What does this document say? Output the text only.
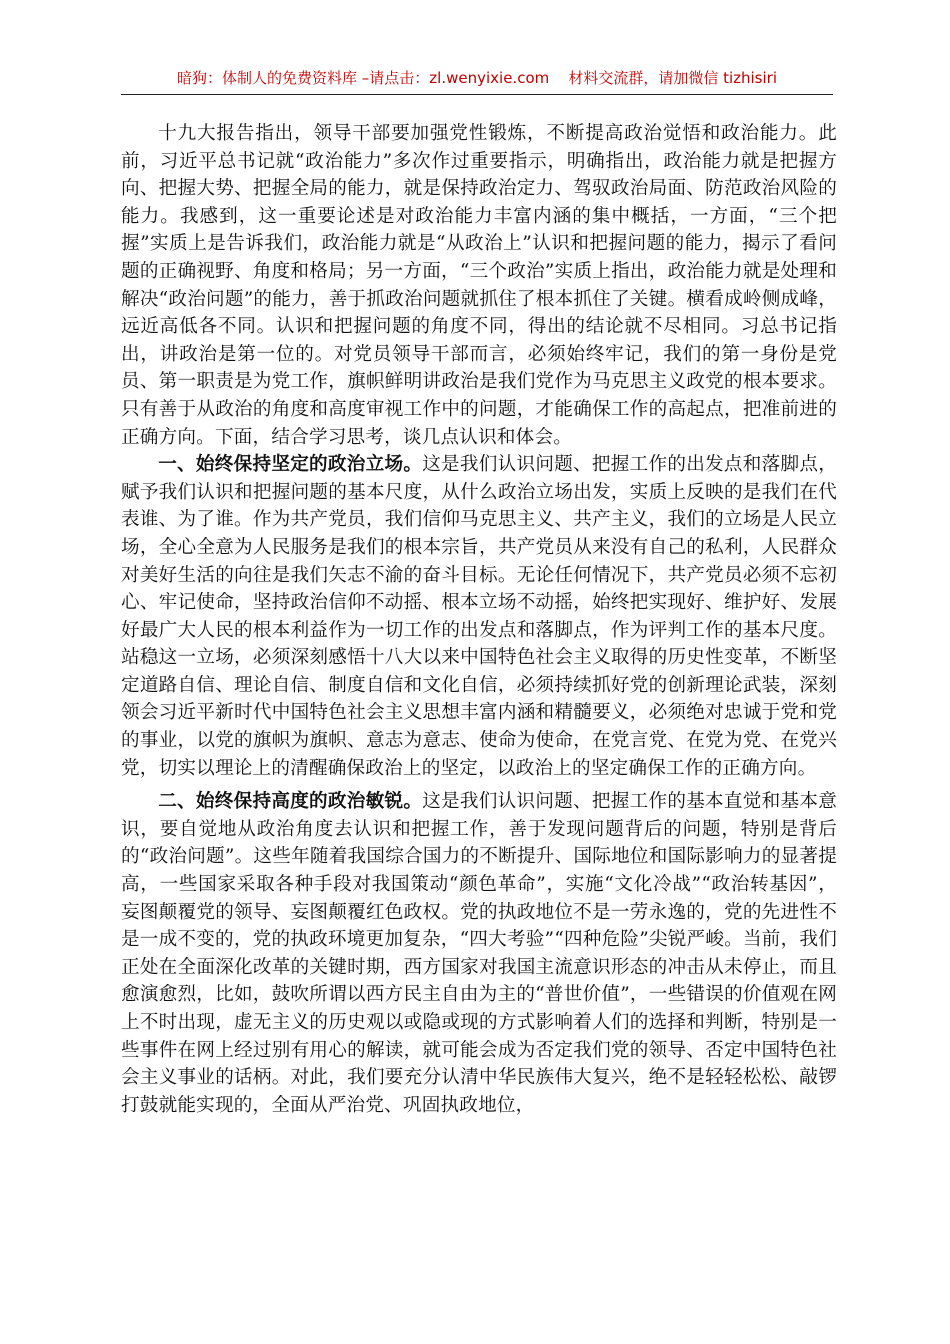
暗狗：体制人的免费资料库 –请点击：zl.wenyixie.com 材料交流群，请加微信 tizhisiri

十九大报告指出，领导干部要加强党性锻炼，不断提高政治觉悟和政治能力。此前，习近平总书记就“政治能力”多次作过重要指示，明确指出，政治能力就是把握方向、把握大势、把握全局的能力，就是保持政治定力、驾驭政治局面、防范政治风险的能力。我感到，这一重要论述是对政治能力丰富内涵的集中概括，一方面，“三个把握”实质上是告诉我们，政治能力就是“从政治上”认识和把握问题的能力，揭示了看问题的正确视野、角度和格局；另一方面，“三个政治”实质上指出，政治能力就是处理和解决“政治问题”的能力，善于抓政治问题就抓住了根本抓住了关键。横看成岭侧成峰，远近高低各不同。认识和把握问题的角度不同，得出的结论就不尽相同。习总书记指出，讲政治是第一位的。对党员领导干部而言，必须始终牢记，我们的第一身份是党员、第一职责是为党工作，旗帜鲜明讲政治是我们党作为马克思主义政党的根本要求。只有善于从政治的角度和高度审视工作中的问题，才能确保工作的高起点，把准前进的正确方向。下面，结合学习思考，谈几点认识和体会。

一、始终保持坚定的政治立场。这是我们认识问题、把握工作的出发点和落脚点，赋予我们认识和把握问题的基本尺度，从什么政治立场出发，实质上反映的是我们在代表谁、为了谁。作为共产党员，我们信仰马克思主义、共产主义，我们的立场是人民立场，全心全意为人民服务是我们的根本宗旨，共产党员从来没有自己的私利，人民群众对美好生活的向往是我们矢志不渝的奋斗目标。无论任何情况下，共产党员必须不忘初心、牢记使命，坚持政治信仰不动摇、根本立场不动摇，始终把实现好、维护好、发展好最广大人民的根本利益作为一切工作的出发点和落脚点，作为评判工作的基本尺度。站稳这一立场，必须深刻感悟十八大以来中国特色社会主义取得的历史性变革，不断坚定道路自信、理论自信、制度自信和文化自信，必须持续抓好党的创新理论武装，深刻领会习近平新时代中国特色社会主义思想丰富内涵和精髓要义，必须绝对忠诚于党和党的事业，以党的旗帜为旗帜、意志为意志、使命为使命，在党言党、在党为党、在党兴党，切实以理论上的清醒确保政治上的坚定，以政治上的坚定确保工作的正确方向。

二、始终保持高度的政治敏锐。这是我们认识问题、把握工作的基本直觉和基本意识，要自觉地从政治角度去认识和把握工作，善于发现问题背后的问题，特别是背后的“政治问题”。这些年随着我国综合国力的不断提升、国际地位和国际影响力的显著提高，一些国家采取各种手段对我国策动“颜色革命”，实施“文化冷战”“政治转基因”，妄图颠覆党的领导、妄图颠覆红色政权。党的执政地位不是一劳永逸的，党的先进性不是一成不变的，党的执政环境更加复杂，“四大考验”“四种危险”尖锐严峻。当前，我们正处在全面深化改革的关键时期，西方国家对我国主流意识形态的冲击从未停止，而且愈演愈烈，比如，鼓吹所谓以西方民主自由为主的“普世价值”，一些错误的价值观在网上不时出现，虚无主义的历史观以或隐或现的方式影响着人们的选择和判断，特别是一些事件在网上经过别有用心的解读，就可能会成为否定我们党的领导、否定中国特色社会主义事业的话柄。对此，我们要充分认清中华民族伟大复兴，绝不是轻轻松松、敲锣打鼓就能实现的，全面从严治党、巩固执政地位，
